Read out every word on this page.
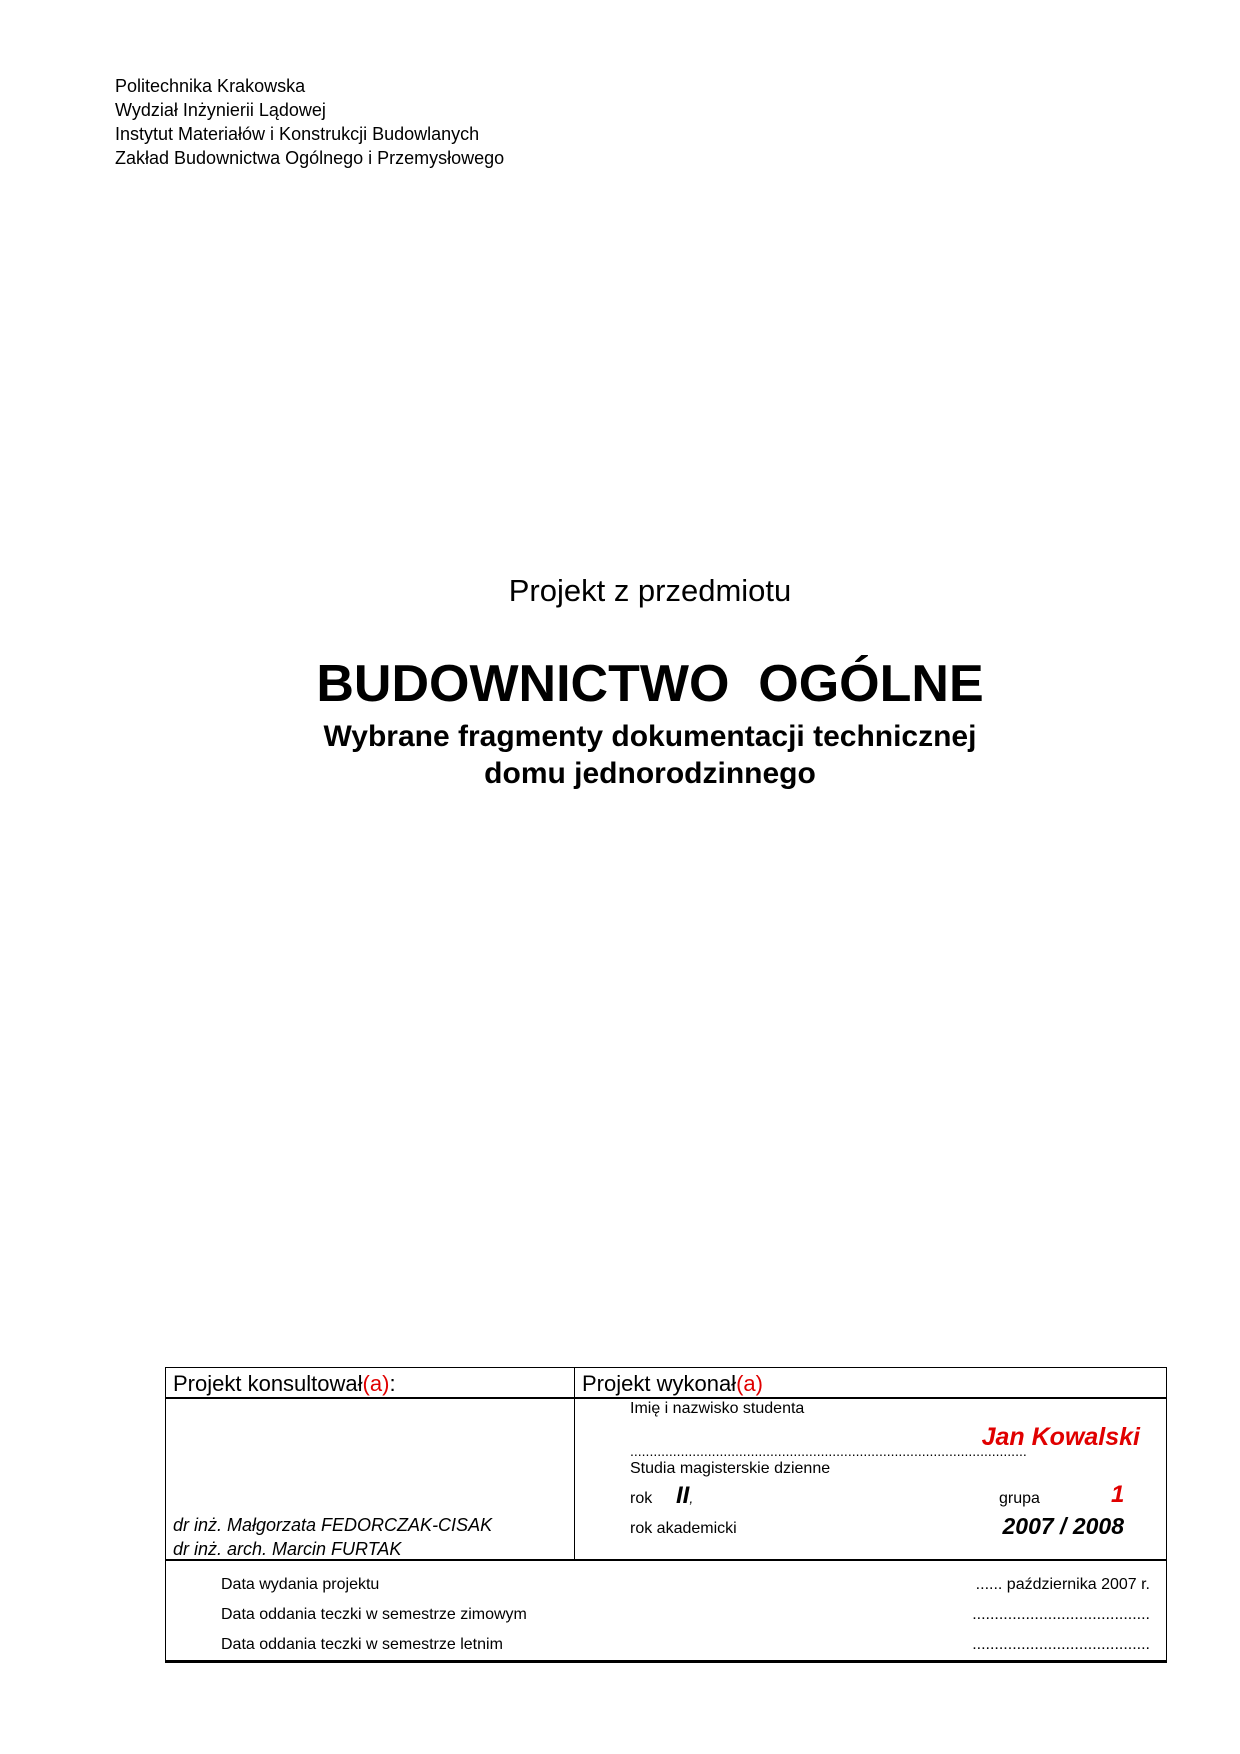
Politechnika Krakowska
Wydział Inżynierii Lądowej
Instytut Materiałów i Konstrukcji Budowlanych
Zakład Budownictwa Ogólnego i Przemysłowego
Projekt z przedmiotu
BUDOWNICTWO  OGÓLNE
Wybrane fragmenty dokumentacji technicznej
domu jednorodzinnego
Projekt konsultował(a):	Projekt wykonał(a)
dr inż. Małgorzata FEDORCZAK-CISAK
dr inż. arch. Marcin FURTAK
Imię i nazwisko studenta
Jan Kowalski
......................................................................................................
Studia magisterskie dzienne
rok II,	grupa	1
rok akademicki	2007 / 2008
Data wydania projektu	...... października 2007 r.
Data oddania teczki w semestrze zimowym	........................................
Data oddania teczki w semestrze letnim	........................................
